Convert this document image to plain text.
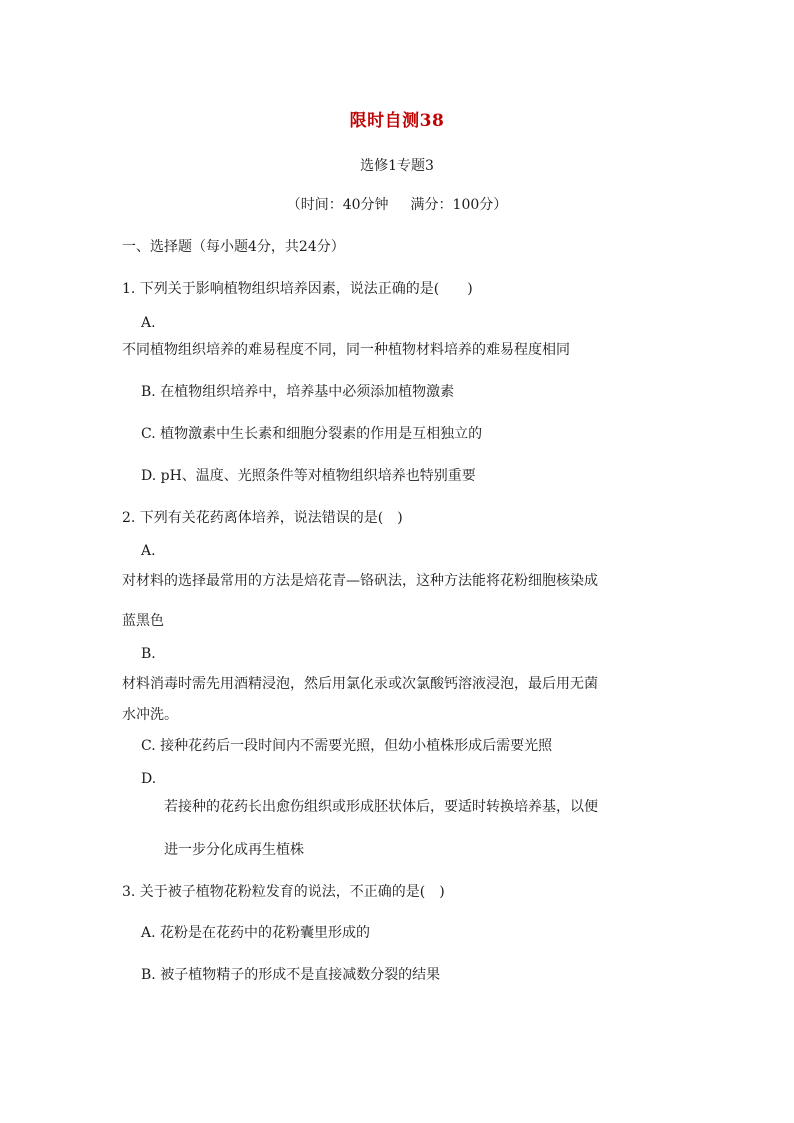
限时自测38
选修1专题3
（时间：40分钟 满分：100分）
一、选择题（每小题4分，共24分）
1. 下列关于影响植物组织培养因素，说法正确的是(　　)
A.
不同植物组织培养的难易程度不同，同一种植物材料培养的难易程度相同
B. 在植物组织培养中，培养基中必须添加植物激素
C. 植物激素中生长素和细胞分裂素的作用是互相独立的
D. pH、温度、光照条件等对植物组织培养也特别重要
2. 下列有关花药离体培养，说法错误的是(　)
A.
对材料的选择最常用的方法是焙花青—铬矾法，这种方法能将花粉细胞核染成
蓝黑色
B.
材料消毒时需先用酒精浸泡，然后用氯化汞或次氯酸钙溶液浸泡，最后用无菌
水冲洗。
C. 接种花药后一段时间内不需要光照，但幼小植株形成后需要光照
D.
若接种的花药长出愈伤组织或形成胚状体后，要适时转换培养基，以便
进一步分化成再生植株
3. 关于被子植物花粉粒发育的说法，不正确的是(　)
A. 花粉是在花药中的花粉囊里形成的
B. 被子植物精子的形成不是直接减数分裂的结果
